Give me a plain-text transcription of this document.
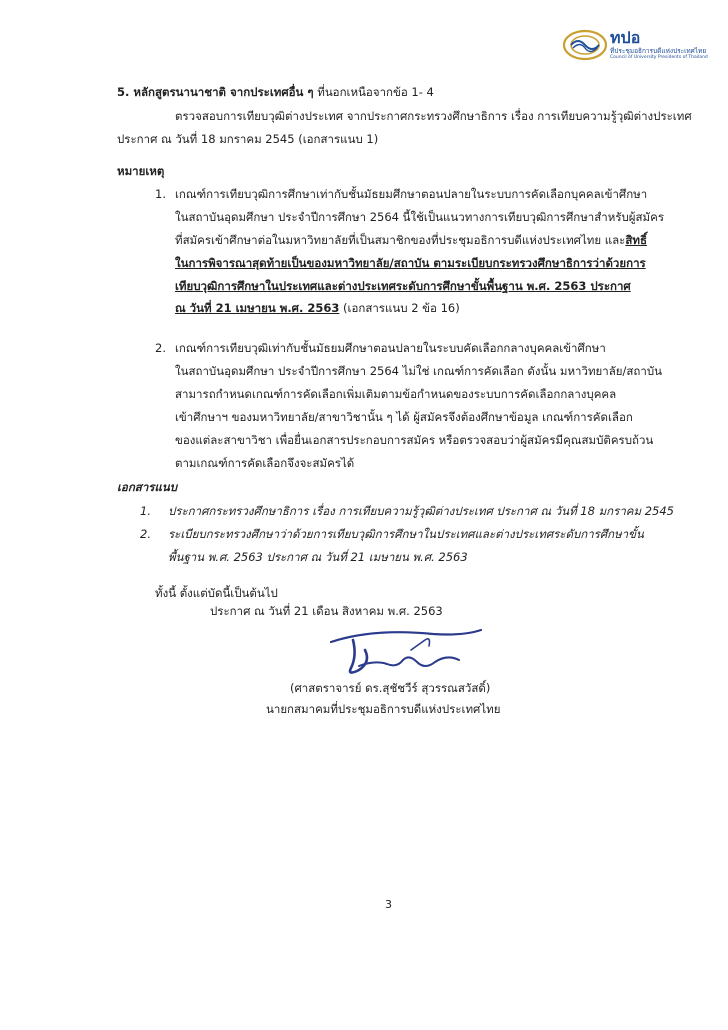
ทปอ
ที่ประชุมอธิการบดีแห่งประเทศไทย
Council of University Presidents of Thailand
5. หลักสูตรนานาชาติ จากประเทศอื่น ๆ ที่นอกเหนือจากข้อ 1- 4
ตรวจสอบการเทียบวุฒิต่างประเทศ จากประกาศกระทรวงศึกษาธิการ เรื่อง การเทียบความรู้วุฒิต่างประเทศ
ประกาศ ณ วันที่ 18 มกราคม 2545 (เอกสารแนบ 1)
หมายเหตุ
1. เกณฑ์การเทียบวุฒิการศึกษาเท่ากับชั้นมัธยมศึกษาตอนปลายในระบบการคัดเลือกบุคคลเข้าศึกษา
ในสถาบันอุดมศึกษา ประจำปีการศึกษา 2564 นี้ใช้เป็นแนวทางการเทียบวุฒิการศึกษาสำหรับผู้สมัคร
ที่สมัครเข้าศึกษาต่อในมหาวิทยาลัยที่เป็นสมาชิกของที่ประชุมอธิการบดีแห่งประเทศไทย และสิทธิ์
ในการพิจารณาสุดท้ายเป็นของมหาวิทยาลัย/สถาบัน ตามระเบียบกระทรวงศึกษาธิการว่าด้วยการ
เทียบวุฒิการศึกษาในประเทศและต่างประเทศระดับการศึกษาขั้นพื้นฐาน พ.ศ. 2563 ประกาศ
ณ วันที่ 21 เมษายน พ.ศ. 2563 (เอกสารแนบ 2 ข้อ 16)
2. เกณฑ์การเทียบวุฒิเท่ากับชั้นมัธยมศึกษาตอนปลายในระบบคัดเลือกกลางบุคคลเข้าศึกษา
ในสถาบันอุดมศึกษา ประจำปีการศึกษา 2564 ไม่ใช่ เกณฑ์การคัดเลือก ดังนั้น มหาวิทยาลัย/สถาบัน
สามารถกำหนดเกณฑ์การคัดเลือกเพิ่มเติมตามข้อกำหนดของระบบการคัดเลือกกลางบุคคล
เข้าศึกษาฯ ของมหาวิทยาลัย/สาขาวิชานั้น ๆ ได้ ผู้สมัครจึงต้องศึกษาข้อมูล เกณฑ์การคัดเลือก
ของแต่ละสาขาวิชา เพื่อยื่นเอกสารประกอบการสมัคร หรือตรวจสอบว่าผู้สมัครมีคุณสมบัติครบถ้วน
ตามเกณฑ์การคัดเลือกจึงจะสมัครได้
เอกสารแนบ
1. ประกาศกระทรวงศึกษาธิการ เรื่อง การเทียบความรู้วุฒิต่างประเทศ ประกาศ ณ วันที่ 18 มกราคม 2545
2. ระเบียบกระทรวงศึกษาว่าด้วยการเทียบวุฒิการศึกษาในประเทศและต่างประเทศระดับการศึกษาขั้น
พื้นฐาน พ.ศ. 2563 ประกาศ ณ วันที่ 21 เมษายน พ.ศ. 2563
ทั้งนี้ ตั้งแต่บัดนี้เป็นต้นไป
ประกาศ ณ วันที่ 21 เดือน สิงหาคม พ.ศ. 2563
(ศาสตราจารย์ ดร.สุชัชวีร์ สุวรรณสวัสดิ์)
นายกสมาคมที่ประชุมอธิการบดีแห่งประเทศไทย
3
